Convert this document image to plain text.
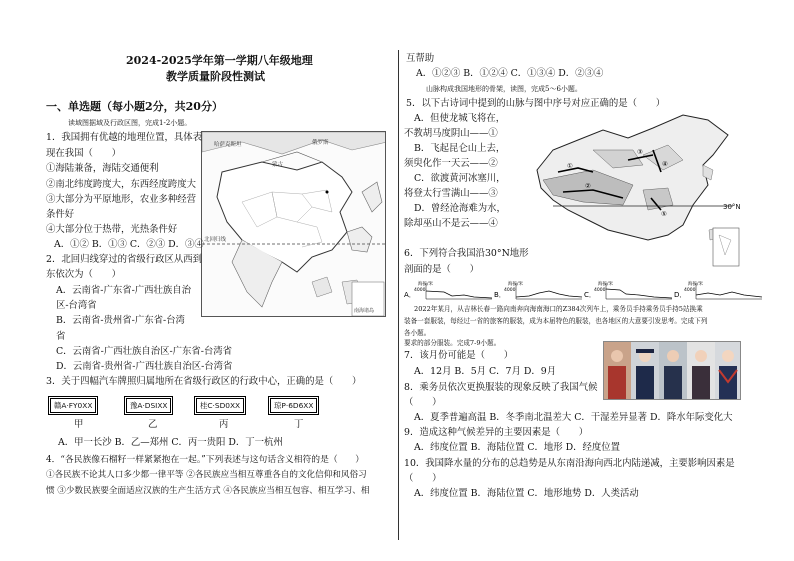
2024-2025学年第一学期八年级地理
教学质量阶段性测试
一、单选题（每小题2分，共20分）
读域图据域及行政区图，完成1-2小题。
哈萨克斯坦
蒙古
俄罗斯
北回归线
南海诸岛
1．我国拥有优越的地理位置，具体表
现在我国（　　）
①海陆兼备，海陆交通便利
②南北纬度跨度大，东西经度跨度大
③大部分为平原地形，农业多种经营
条件好
④大部分位于热带，光热条件好
A．①② B．①③ C．②③ D．③④
2．北回归线穿过的省级行政区从西到
东依次为（　　）
A．云南省-广东省-广西壮族自治
区-台湾省
B．云南省-贵州省-广东省-台湾
省
C．云南省-广西壮族自治区-广东省-台湾省
D．云南省-贵州省-广西壮族自治区-台湾省
3．关于四幅汽车牌照归属地所在省级行政区的行政中心，正确的是（　　）
赣A·FY0XX	豫A·DSIXX	桂C·SD0XX	琼P·6D6XX
甲	乙	丙	丁
A．甲一长沙 B．乙—郑州 C．丙一贵阳 D．丁一杭州
4．“各民族像石榴籽一样紧紧抱在一起。”下列表述与这句话含义相符的是（　　）
①各民族不论其人口多少都一律平等 ②各民族应当相互尊重各自的文化信仰和风俗习
惯 ③少数民族要全面适应汉族的生产生活方式 ④各民族应当相互包容、相互学习、相
互帮助
A．①②③ B．①②④ C．①③④ D．②③④
山脉构成我国地形的骨架，读图，完成5～6小题。
5．以下古诗词中提到的山脉与图中序号对应正确的是（　　）
30°N
①
②
③
④
⑤
A．但使龙城飞将在，
不教胡马度阴山——①
B．飞起昆仑山上去，
须臾化作一天云——②
C．欲渡黄河冰塞川，
将登太行雪满山——③
D．曾经沧海难为水，
除却巫山不是云——④
6．下列符合我国沿30°N地形
剖面的是（　　）
A．
海拔/米
4000
B．
海拔/米
4000
C．
海拔/米
4000
D．
海拔/米
4000
2022年某月，从吉林长春一路向南奔向海南海口的Z384次列车上，乘务员手持乘务员手持5站换乘
装备一套服装，每经过一省的旅客的服装，成为本届特色的服装，也各地区的大意要引发思考。完成下列
各小题。
要求的部分服装。完成7-9小题。
7．该月份可能是（　　）
A．12月 B．5月 C．7月 D．9月
8．乘务员依次更换服装的现象反映了我国气候
（　　）
A．夏季普遍高温 B．冬季南北温差大 C．干湿差异显著 D．降水年际变化大
9．造成这种气候差异的主要因素是（　　）
A．纬度位置 B．海陆位置 C．地形 D．经度位置
10．我国降水量的分布的总趋势是从东南沿海向西北内陆递减，主要影响因素是
（　　）
A．纬度位置 B．海陆位置 C．地形地势 D．人类活动
